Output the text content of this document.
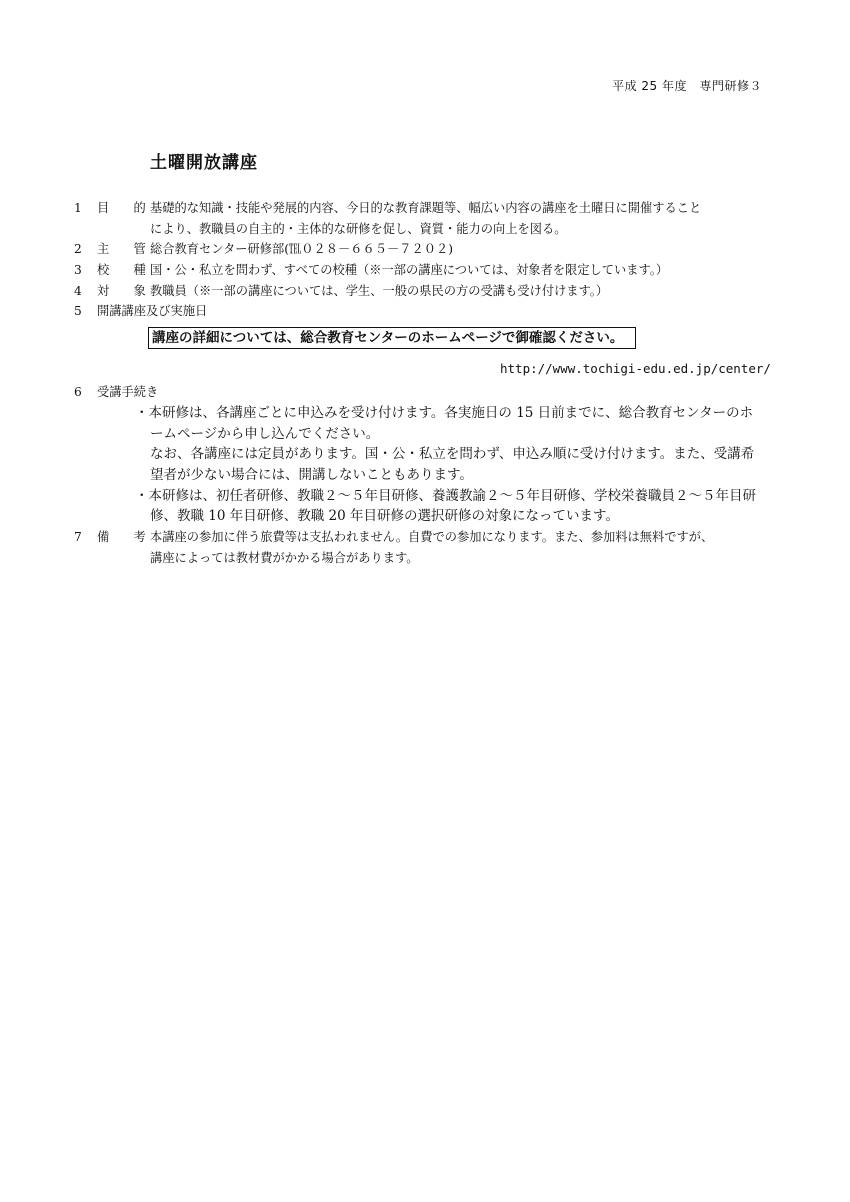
平成 25 年度　専門研修３
土曜開放講座
1 目　的
基礎的な知識・技能や発展的内容、今日的な教育課題等、幅広い内容の講座を土曜日に開催すること
により、教職員の自主的・主体的な研修を促し、資質・能力の向上を図る。
2 主　管
総合教育センター研修部(℡０２８－６６５－７２０２)
3 校　種
国・公・私立を問わず、すべての校種（※一部の講座については、対象者を限定しています。）
4 対　象
教職員（※一部の講座については、学生、一般の県民の方の受講も受け付けます。）
5 開講講座及び実施日
講座の詳細については、総合教育センターのホームページで御確認ください。
http://www.tochigi-edu.ed.jp/center/
6 受講手続き
・本研修は、各講座ごとに申込みを受け付けます。各実施日の 15 日前までに、総合教育センターのホ
ームページから申し込んでください。
なお、各講座には定員があります。国・公・私立を問わず、申込み順に受け付けます。また、受講希
望者が少ない場合には、開講しないこともあります。
・本研修は、初任者研修、教職２～５年目研修、養護教諭２～５年目研修、学校栄養職員２～５年目研
修、教職 10 年目研修、教職 20 年目研修の選択研修の対象になっています。
7 備　考
本講座の参加に伴う旅費等は支払われません。自費での参加になります。また、参加料は無料ですが、
講座によっては教材費がかかる場合があります。
